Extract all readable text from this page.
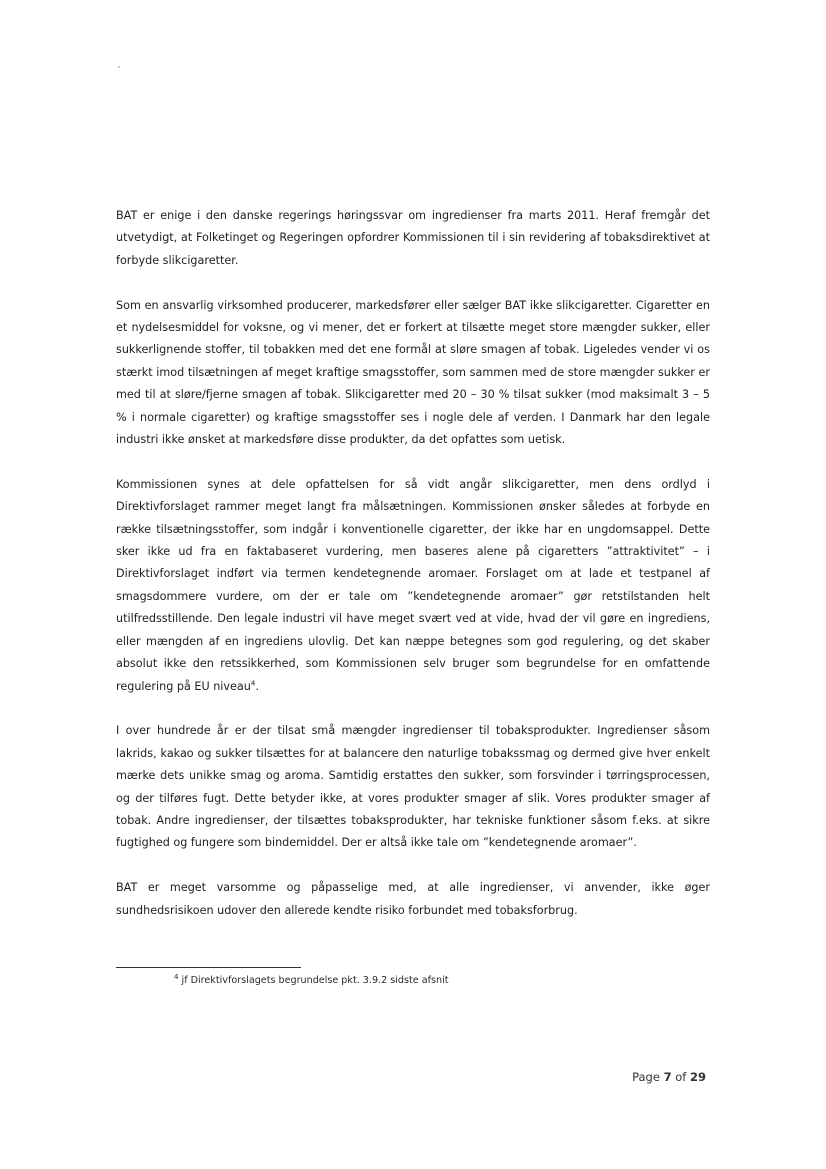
BAT er enige i den danske regerings høringssvar om ingredienser fra marts 2011. Heraf fremgår det utvetydigt, at Folketinget og Regeringen opfordrer Kommissionen til i sin revidering af tobaksdirektivet at forbyde slikcigaretter.

Som en ansvarlig virksomhed producerer, markedsfører eller sælger BAT ikke slikcigaretter. Cigaretter en et nydelsesmiddel for voksne, og vi mener, det er forkert at tilsætte meget store mængder sukker, eller sukkerlignende stoffer, til tobakken med det ene formål at sløre smagen af tobak. Ligeledes vender vi os stærkt imod tilsætningen af meget kraftige smagsstoffer, som sammen med de store mængder sukker er med til at sløre/fjerne smagen af tobak. Slikcigaretter med 20 – 30 % tilsat sukker (mod maksimalt 3 – 5 % i normale cigaretter) og kraftige smagsstoffer ses i nogle dele af verden. I Danmark har den legale industri ikke ønsket at markedsføre disse produkter, da det opfattes som uetisk.

Kommissionen synes at dele opfattelsen for så vidt angår slikcigaretter, men dens ordlyd i Direktivforslaget rammer meget langt fra målsætningen. Kommissionen ønsker således at forbyde en række tilsætningsstoffer, som indgår i konventionelle cigaretter, der ikke har en ungdomsappel. Dette sker ikke ud fra en faktabaseret vurdering, men baseres alene på cigaretters ”attraktivitet” – i Direktivforslaget indført via termen kendetegnende aromaer. Forslaget om at lade et testpanel af smagsdommere vurdere, om der er tale om ”kendetegnende aromaer” gør retstilstanden helt utilfredsstillende. Den legale industri vil have meget svært ved at vide, hvad der vil gøre en ingrediens, eller mængden af en ingrediens ulovlig. Det kan næppe betegnes som god regulering, og det skaber absolut ikke den retssikkerhed, som Kommissionen selv bruger som begrundelse for en omfattende regulering på EU niveau$^4$.

I over hundrede år er der tilsat små mængder ingredienser til tobaksprodukter. Ingredienser såsom lakrids, kakao og sukker tilsættes for at balancere den naturlige tobakssmag og dermed give hver enkelt mærke dets unikke smag og aroma. Samtidig erstattes den sukker, som forsvinder i tørringsprocessen, og der tilføres fugt. Dette betyder ikke, at vores produkter smager af slik. Vores produkter smager af tobak. Andre ingredienser, der tilsættes tobaksprodukter, har tekniske funktioner såsom f.eks. at sikre fugtighed og fungere som bindemiddel. Der er altså ikke tale om ”kendetegnende aromaer”.

BAT er meget varsomme og påpasselige med, at alle ingredienser, vi anvender, ikke øger sundhedsrisikoen udover den allerede kendte risiko forbundet med tobaksforbrug.

$^4$ jf Direktivforslagets begrundelse pkt. 3.9.2 sidste afsnit
Page 7 of 29
